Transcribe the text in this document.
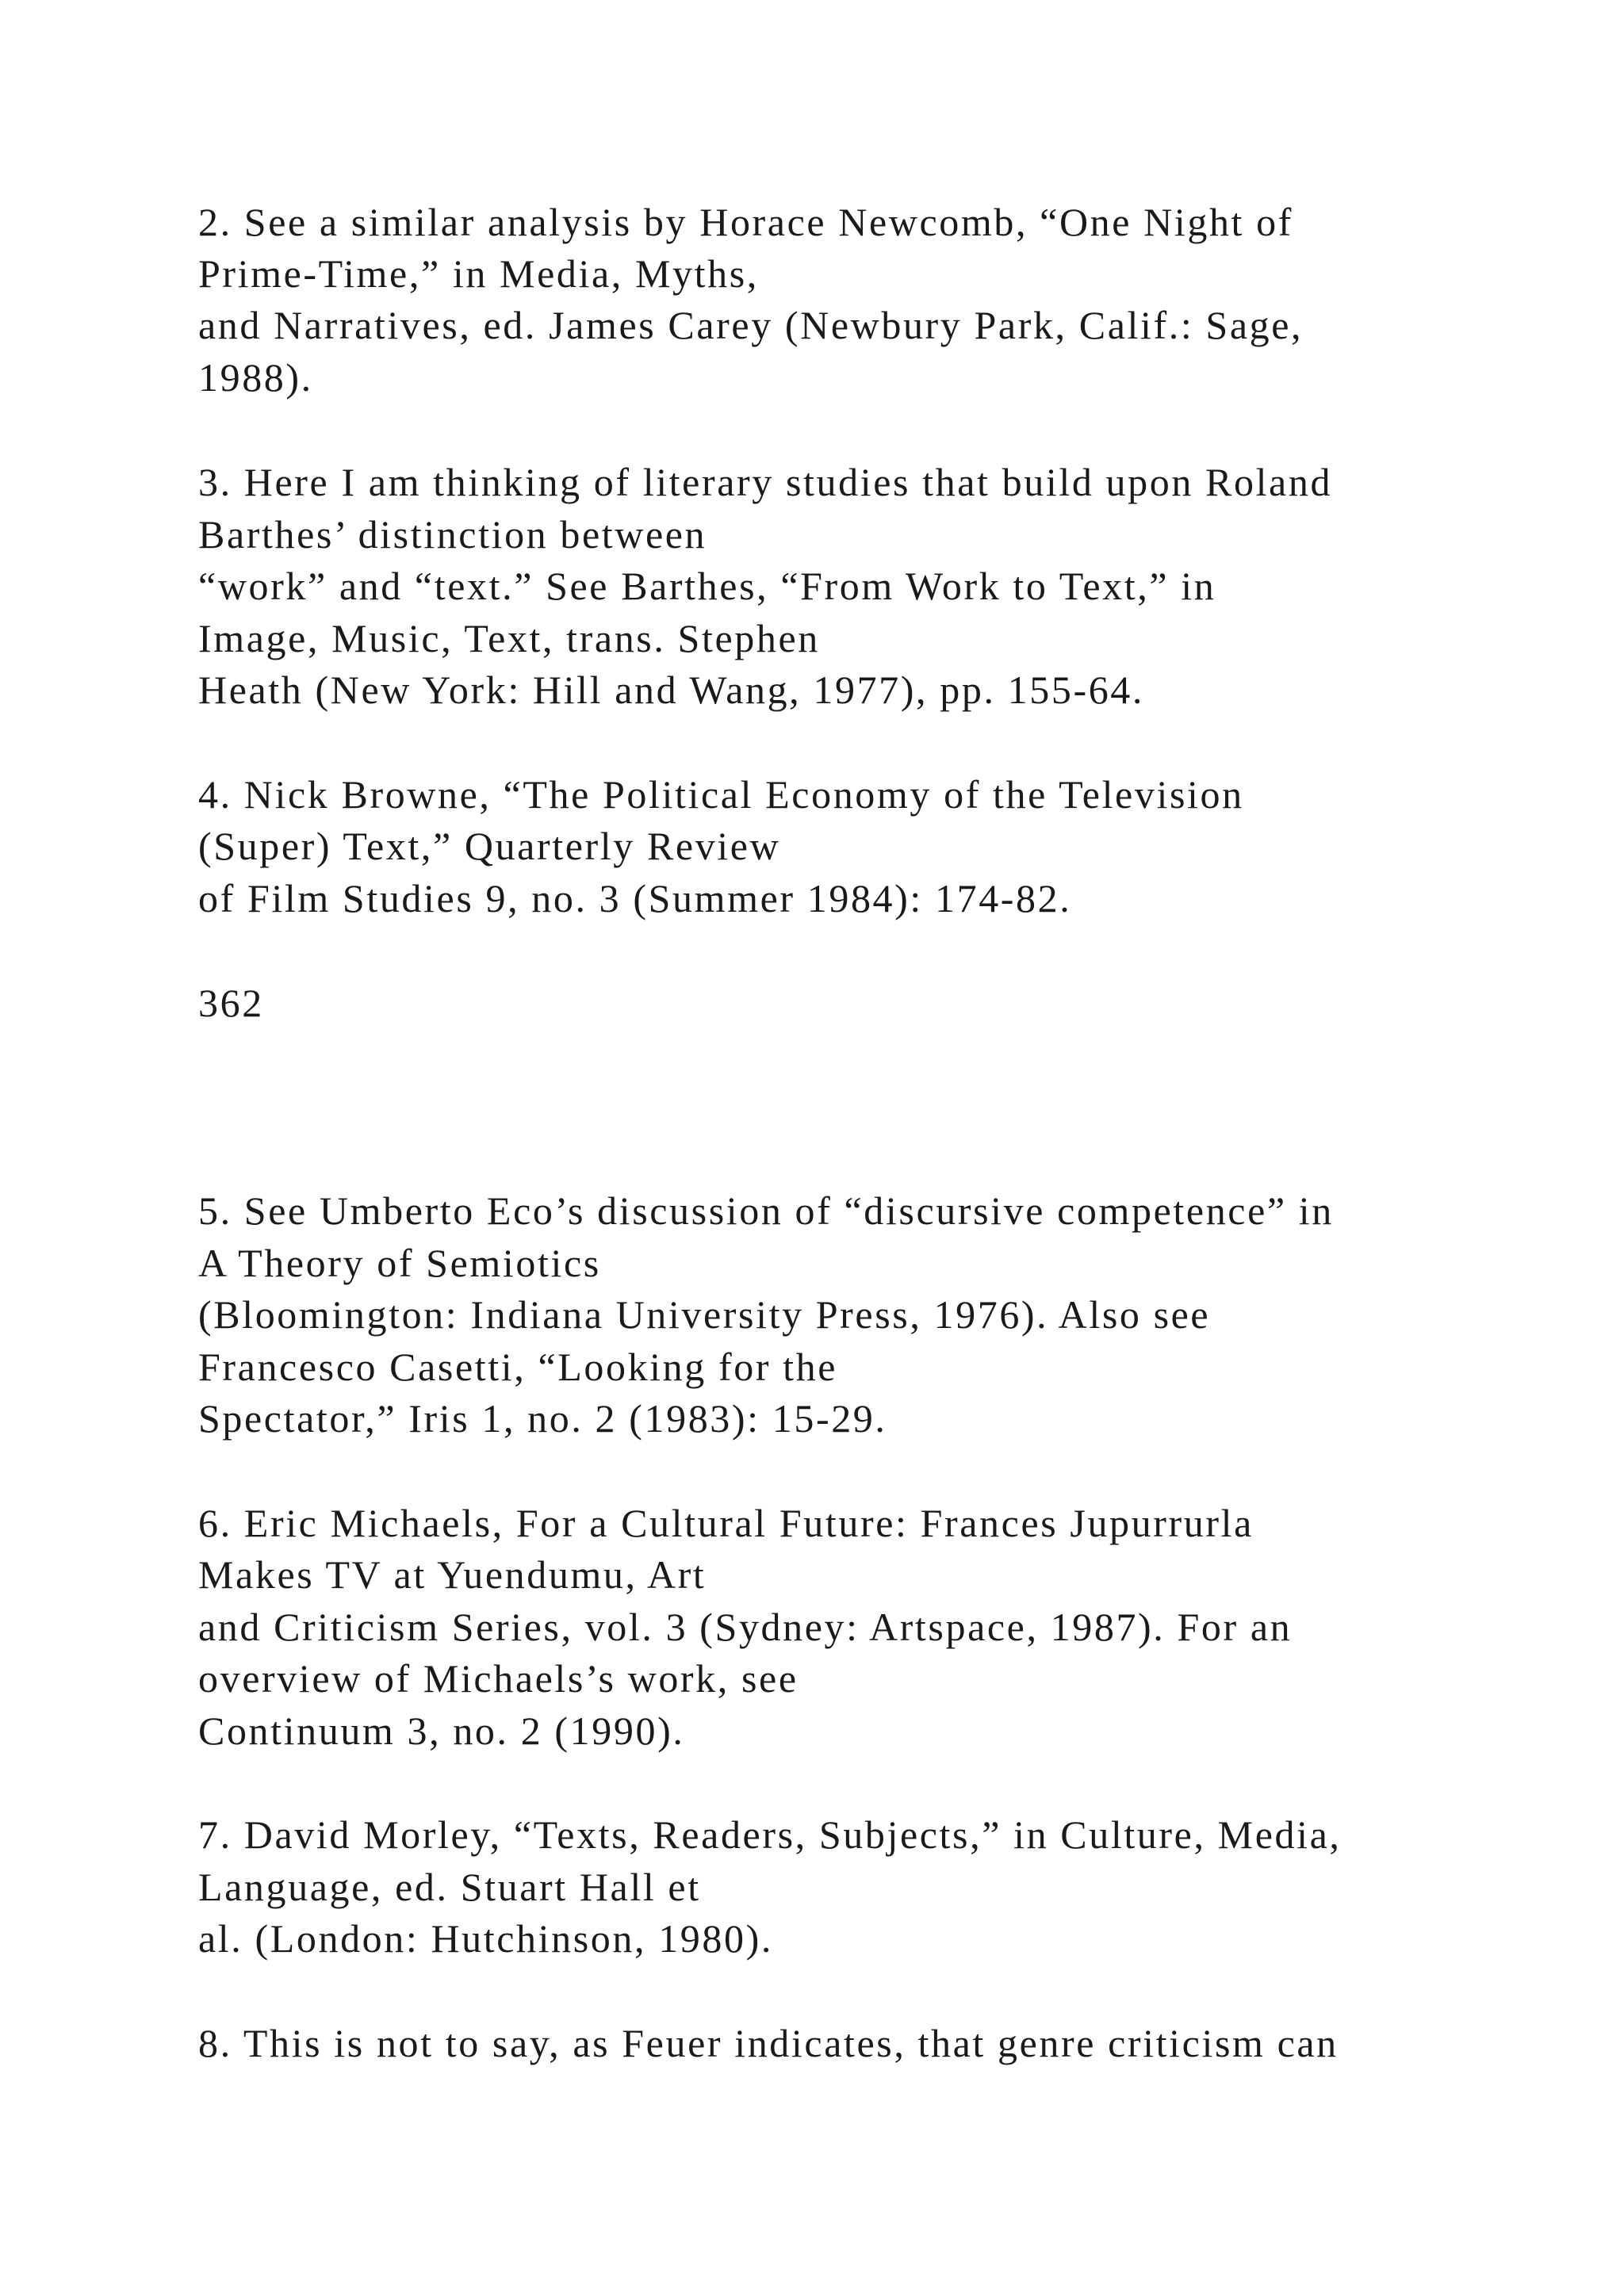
2. See a similar analysis by Horace Newcomb, “One Night of

Prime-Time,” in Media, Myths,

and Narratives, ed. James Carey (Newbury Park, Calif.: Sage,

1988).

3. Here I am thinking of literary studies that build upon Roland

Barthes’ distinction between

“work” and “text.” See Barthes, “From Work to Text,” in

Image, Music, Text, trans. Stephen

Heath (New York: Hill and Wang, 1977), pp. 155-64.

4. Nick Browne, “The Political Economy of the Television

(Super) Text,” Quarterly Review

of Film Studies 9, no. 3 (Summer 1984): 174-82.

362

5. See Umberto Eco’s discussion of “discursive competence” in

A Theory of Semiotics

(Bloomington: Indiana University Press, 1976). Also see

Francesco Casetti, “Looking for the

Spectator,” Iris 1, no. 2 (1983): 15-29.

6. Eric Michaels, For a Cultural Future: Frances Jupurrurla

Makes TV at Yuendumu, Art

and Criticism Series, vol. 3 (Sydney: Artspace, 1987). For an

overview of Michaels’s work, see

Continuum 3, no. 2 (1990).

7. David Morley, “Texts, Readers, Subjects,” in Culture, Media,

Language, ed. Stuart Hall et

al. (London: Hutchinson, 1980).

8. This is not to say, as Feuer indicates, that genre criticism can
